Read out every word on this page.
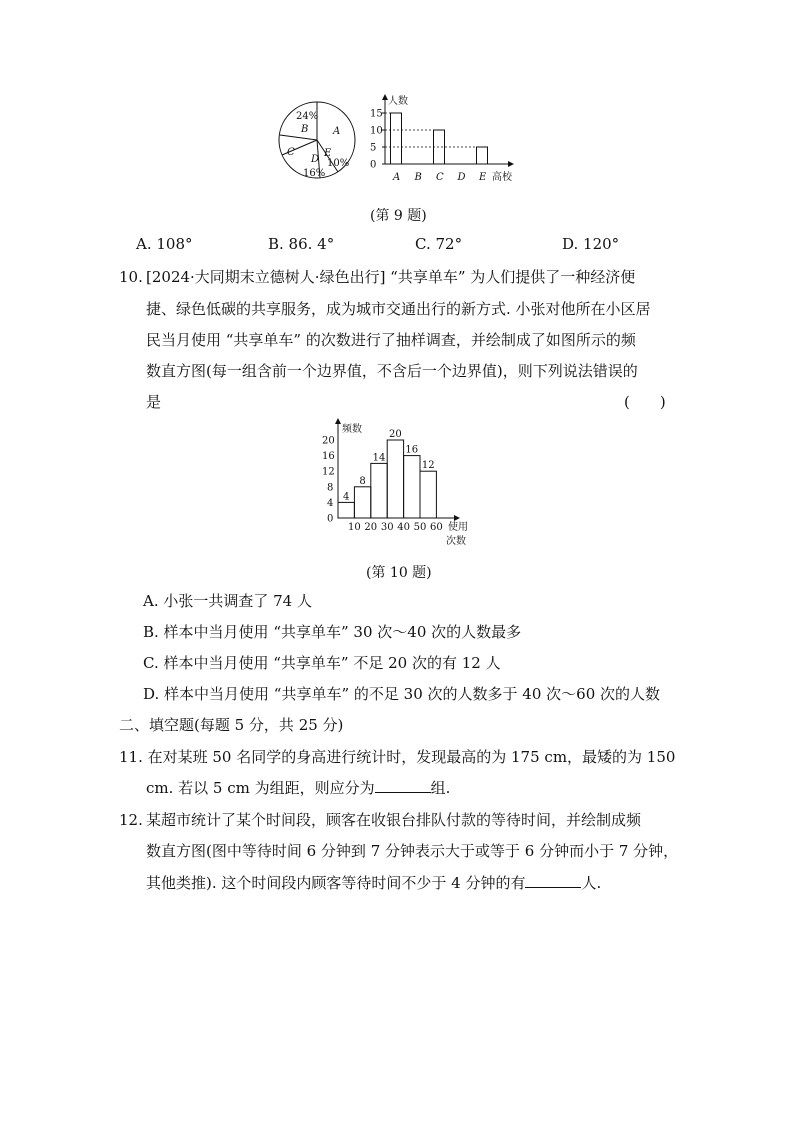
24%
B A
C
D
16%
E
10%
人数
高校
0
5
10
15
A B C D E
(第 9 题)
A. 108°	B. 86. 4°	C. 72°	D. 120°
10. [2024·大同期末立德树人·绿色出行] “共享单车” 为人们提供了一种经济便
捷、绿色低碳的共享服务，成为城市交通出行的新方式. 小张对他所在小区居
民当月使用 “共享单车” 的次数进行了抽样调查，并绘制成了如图所示的频
数直方图(每一组含前一个边界值，不含后一个边界值)，则下列说法错误的
是	(　　)
频数
使用
次数
0
4
8
12
16
20
4
8
14
20
16
12
10 20 30 40 50 60
(第 10 题)
A. 小张一共调查了 74 人
B. 样本中当月使用 “共享单车” 30 次～40 次的人数最多
C. 样本中当月使用 “共享单车” 不足 20 次的有 12 人
D. 样本中当月使用 “共享单车” 的不足 30 次的人数多于 40 次～60 次的人数
二、填空题(每题 5 分，共 25 分)
11. 在对某班 50 名同学的身高进行统计时，发现最高的为 175 cm，最矮的为 150
cm. 若以 5 cm 为组距，则应分为	组.
12. 某超市统计了某个时间段，顾客在收银台排队付款的等待时间，并绘制成频
数直方图(图中等待时间 6 分钟到 7 分钟表示大于或等于 6 分钟而小于 7 分钟，
其他类推). 这个时间段内顾客等待时间不少于 4 分钟的有	人.
